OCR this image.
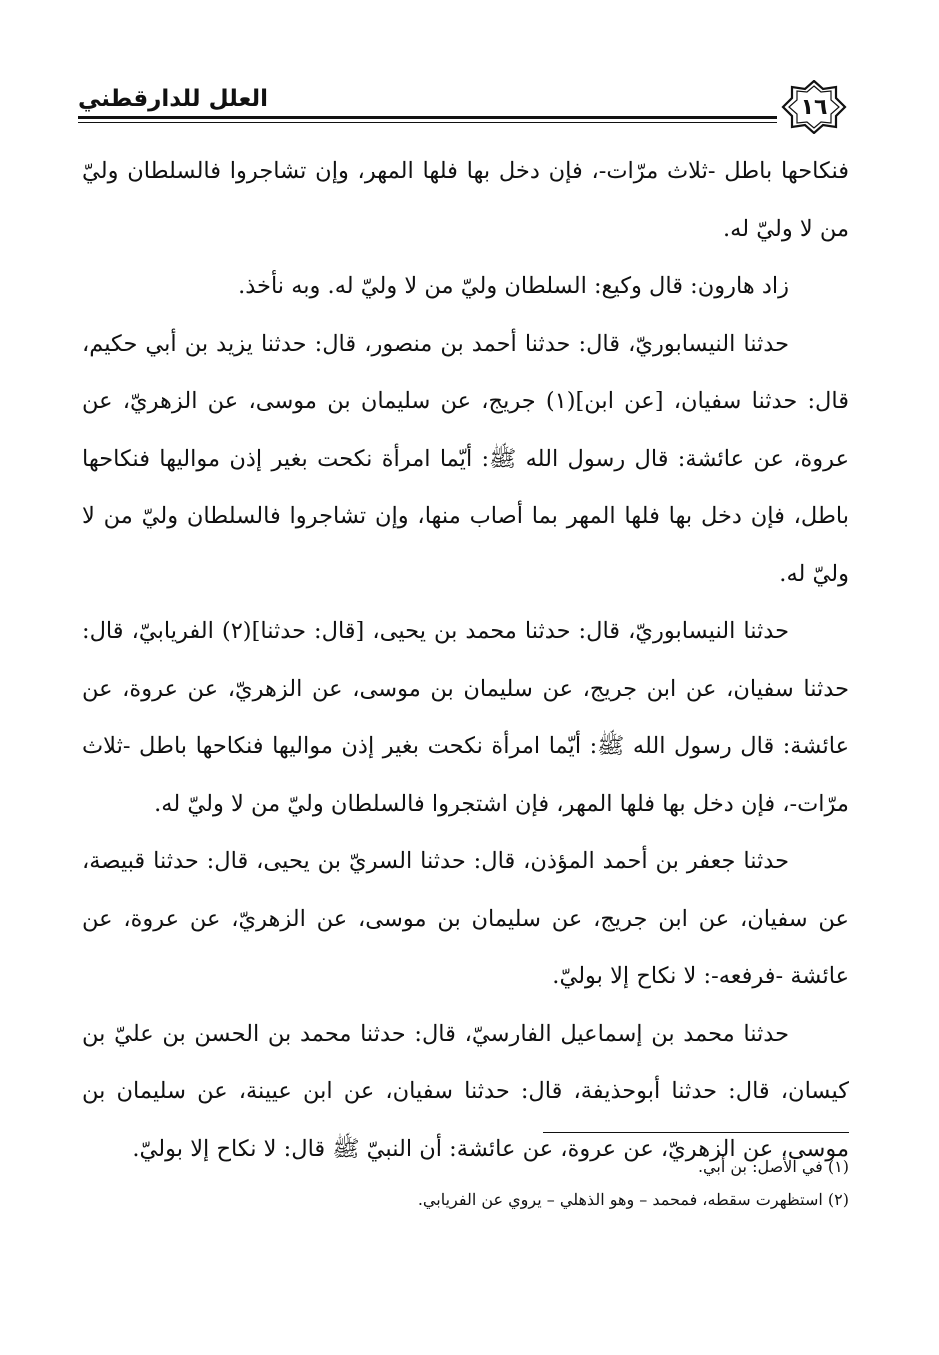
١٦
العلل للدارقطني

فنكاحها باطل -ثلاث مرّات-، فإن دخل بها فلها المهر، وإن تشاجروا فالسلطان وليّ من لا وليّ له.

زاد هارون: قال وكيع: السلطان وليّ من لا وليّ له. وبه نأخذ.

حدثنا النيسابوريّ، قال: حدثنا أحمد بن منصور، قال: حدثنا يزيد بن أبي حكيم، قال: حدثنا سفيان، [عن ابن](١) جريج، عن سليمان بن موسى، عن الزهريّ، عن عروة، عن عائشة: قال رسول الله ﷺ: أيّما امرأة نكحت بغير إذن مواليها فنكاحها باطل، فإن دخل بها فلها المهر بما أصاب منها، وإن تشاجروا فالسلطان وليّ من لا وليّ له.

حدثنا النيسابوريّ، قال: حدثنا محمد بن يحيى، [قال: حدثنا](٢) الفريابيّ، قال: حدثنا سفيان، عن ابن جريج، عن سليمان بن موسى، عن الزهريّ، عن عروة، عن عائشة: قال رسول الله ﷺ: أيّما امرأة نكحت بغير إذن مواليها فنكاحها باطل -ثلاث مرّات-، فإن دخل بها فلها المهر، فإن اشتجروا فالسلطان وليّ من لا وليّ له.

حدثنا جعفر بن أحمد المؤذن، قال: حدثنا السريّ بن يحيى، قال: حدثنا قبيصة، عن سفيان، عن ابن جريج، عن سليمان بن موسى، عن الزهريّ، عن عروة، عن عائشة -فرفعه-: لا نكاح إلا بوليّ.

حدثنا محمد بن إسماعيل الفارسيّ، قال: حدثنا محمد بن الحسن بن عليّ بن كيسان، قال: حدثنا أبوحذيفة، قال: حدثنا سفيان، عن ابن عيينة، عن سليمان بن موسى، عن الزهريّ، عن عروة، عن عائشة: أن النبيّ ﷺ قال: لا نكاح إلا بوليّ.

(١) في الأصل: بن أبي.

(٢) استظهرت سقطه، فمحمد – وهو الذهلي – يروي عن الفريابي.
